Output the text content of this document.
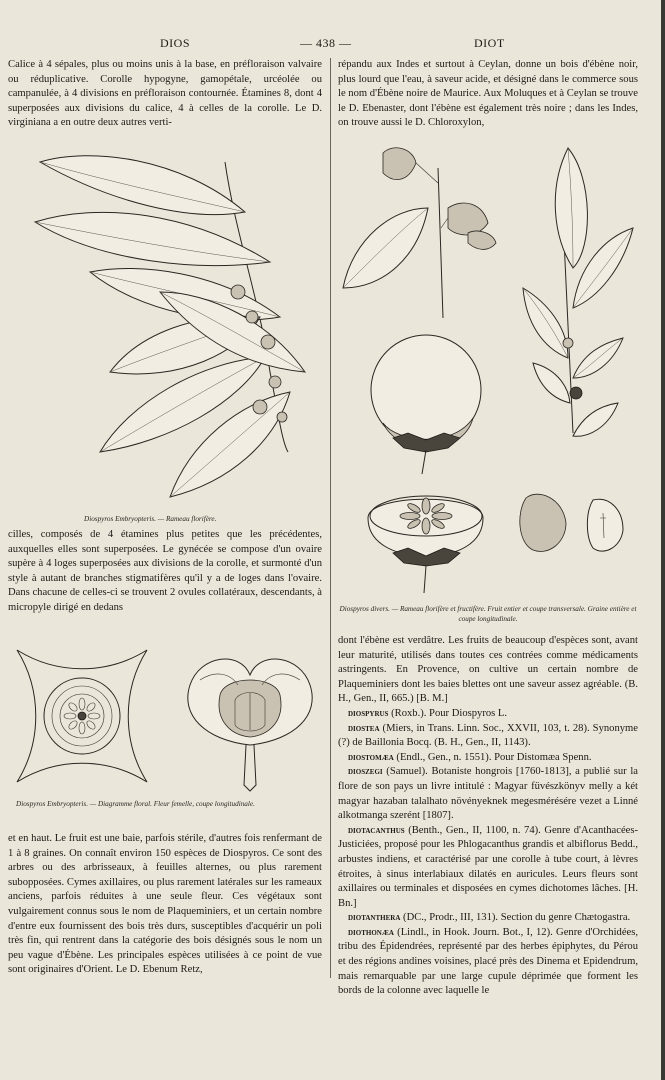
DIOS	— 438 —	DIOT

Calice à 4 sépales, plus ou moins unis à la base, en préfloraison valvaire ou réduplicative. Corolle hypogyne, gamopétale, urcéolée ou campanulée, à 4 divisions en préfloraison contournée. Étamines 8, dont 4 superposées aux divisions du calice, 4 à celles de la corolle. Le D. virginiana a en outre deux autres verti-

Diospyros Embryopteris. — Rameau florifère.

cilles, composés de 4 étamines plus petites que les précédentes, auxquelles elles sont superposées. Le gynécée se compose d'un ovaire supère à 4 loges superposées aux divisions de la corolle, et surmonté d'un style à autant de branches stigmatifères qu'il y a de loges dans l'ovaire. Dans chacune de celles-ci se trouvent 2 ovules collatéraux, descendants, à micropyle dirigé en dedans

Diospyros Embryopteris. — Diagramme floral. Fleur femelle, coupe longitudinale.

et en haut. Le fruit est une baie, parfois stérile, d'autres fois renfermant de 1 à 8 graines. On connaît environ 150 espèces de Diospyros. Ce sont des arbres ou des arbrisseaux, à feuilles alternes, ou plus rarement subopposées. Cymes axillaires, ou plus rarement latérales sur les rameaux anciens, parfois réduites à une seule fleur. Ces végétaux sont vulgairement connus sous le nom de Plaqueminiers, et un certain nombre d'entre eux fournissent des bois très durs, susceptibles d'acquérir un poli très fin, qui rentrent dans la catégorie des bois désignés sous le nom un peu vague d'Ébène. Les principales espèces utilisées à ce point de vue sont originaires d'Orient. Le D. Ebenum Retz,

répandu aux Indes et surtout à Ceylan, donne un bois d'ébène noir, plus lourd que l'eau, à saveur acide, et désigné dans le commerce sous le nom d'Ébène noire de Maurice. Aux Moluques et à Ceylan se trouve le D. Ebenaster, dont l'ébène est également très noire ; dans les Indes, on trouve aussi le D. Chloroxylon,

Diospyros divers. — Rameau florifère et fructifère. Fruit entier et coupe transversale. Graine entière et coupe longitudinale.

dont l'ébène est verdâtre. Les fruits de beaucoup d'espèces sont, avant leur maturité, utilisés dans toutes ces contrées comme médicaments astringents. En Provence, on cultive un certain nombre de Plaqueminiers dont les baies blettes ont une saveur assez agréable. (B. H., Gen., II, 665.) [B. M.]

diospyrus (Roxb.). Pour Diospyros L.

diostea (Miers, in Trans. Linn. Soc., XXVII, 103, t. 28). Synonyme (?) de Baillonia Bocq. (B. H., Gen., II, 1143).

diostomæa (Endl., Gen., n. 1551). Pour Distomæa Spenn.

dioszegi (Samuel). Botaniste hongrois [1760-1813], a publié sur la flore de son pays un livre intitulé : Magyar füvészkönyv melly a két magyar hazaban talalhato növényeknek megesmérésére vezet a Linné alkotmanga szerént [1807].

diotacanthus (Benth., Gen., II, 1100, n. 74). Genre d'Acanthacées-Justiciées, proposé pour les Phlogacanthus grandis et albiflorus Bedd., arbustes indiens, et caractérisé par une corolle à tube court, à lèvres étroites, à sinus interlabiaux dilatés en auricules. Leurs fleurs sont axillaires ou terminales et disposées en cymes dichotomes lâches. [H. Bn.]

diotanthera (DC., Prodr., III, 131). Section du genre Chætogastra.

diothonæa (Lindl., in Hook. Journ. Bot., I, 12). Genre d'Orchidées, tribu des Épidendrées, représenté par des herbes épiphytes, du Pérou et des régions andines voisines, placé près des Dinema et Epidendrum, mais remarquable par une large cupule déprimée que forment les bords de la colonne avec laquelle le
